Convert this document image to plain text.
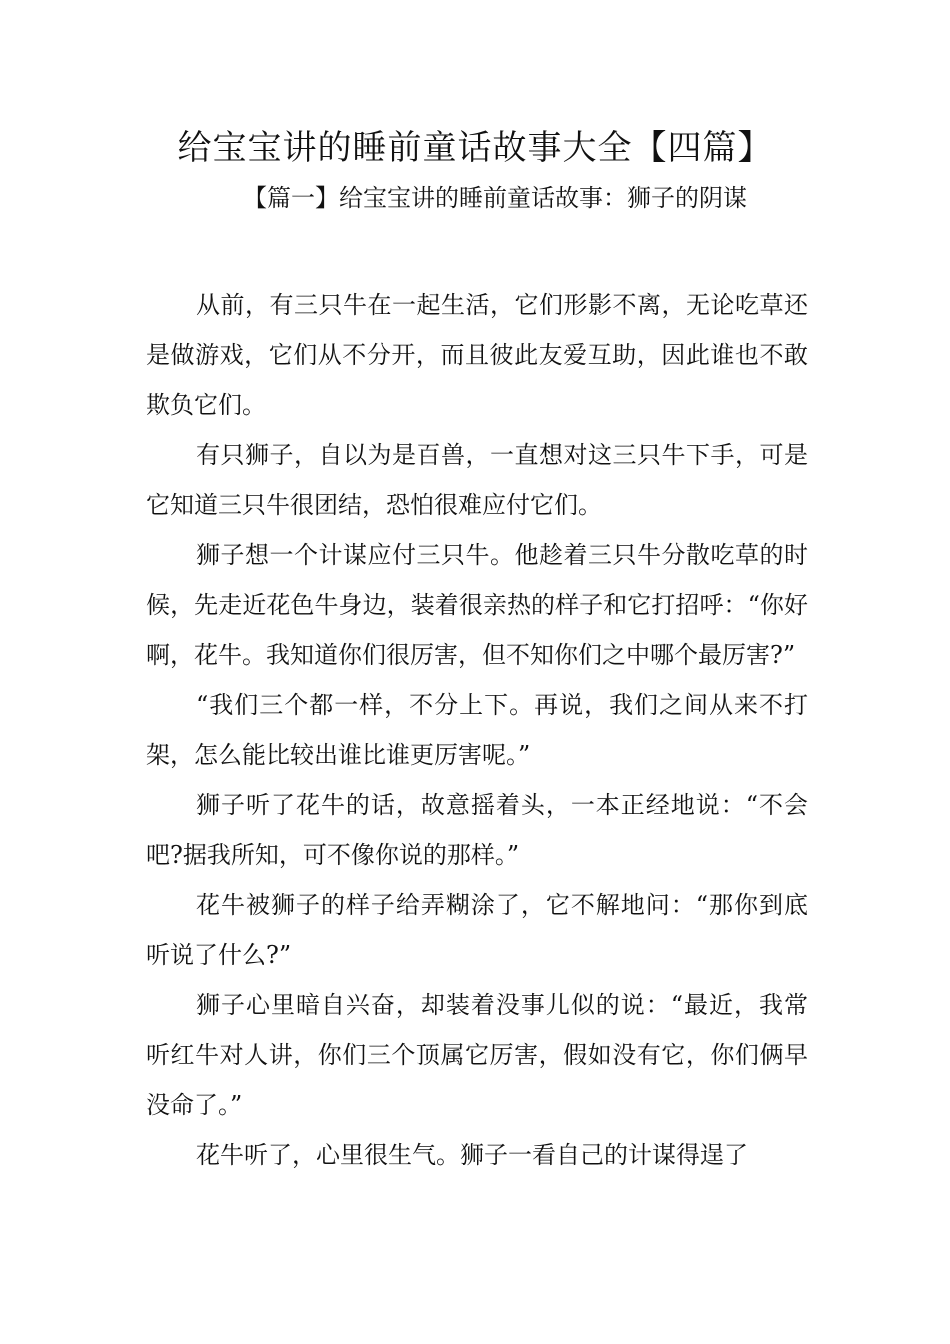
给宝宝讲的睡前童话故事大全【四篇】
【篇一】给宝宝讲的睡前童话故事：狮子的阴谋

从前，有三只牛在一起生活，它们形影不离，无论吃草还是做游戏，它们从不分开，而且彼此友爱互助，因此谁也不敢欺负它们。

有只狮子，自以为是百兽，一直想对这三只牛下手，可是它知道三只牛很团结，恐怕很难应付它们。

狮子想一个计谋应付三只牛。他趁着三只牛分散吃草的时候，先走近花色牛身边，装着很亲热的样子和它打招呼：“你好啊，花牛。我知道你们很厉害，但不知你们之中哪个最厉害?”

“我们三个都一样，不分上下。再说，我们之间从来不打架，怎么能比较出谁比谁更厉害呢。”

狮子听了花牛的话，故意摇着头，一本正经地说：“不会吧?据我所知，可不像你说的那样。”

花牛被狮子的样子给弄糊涂了，它不解地问：“那你到底听说了什么?”

狮子心里暗自兴奋，却装着没事儿似的说：“最近，我常听红牛对人讲，你们三个顶属它厉害，假如没有它，你们俩早没命了。”

花牛听了，心里很生气。狮子一看自己的计谋得逞了
